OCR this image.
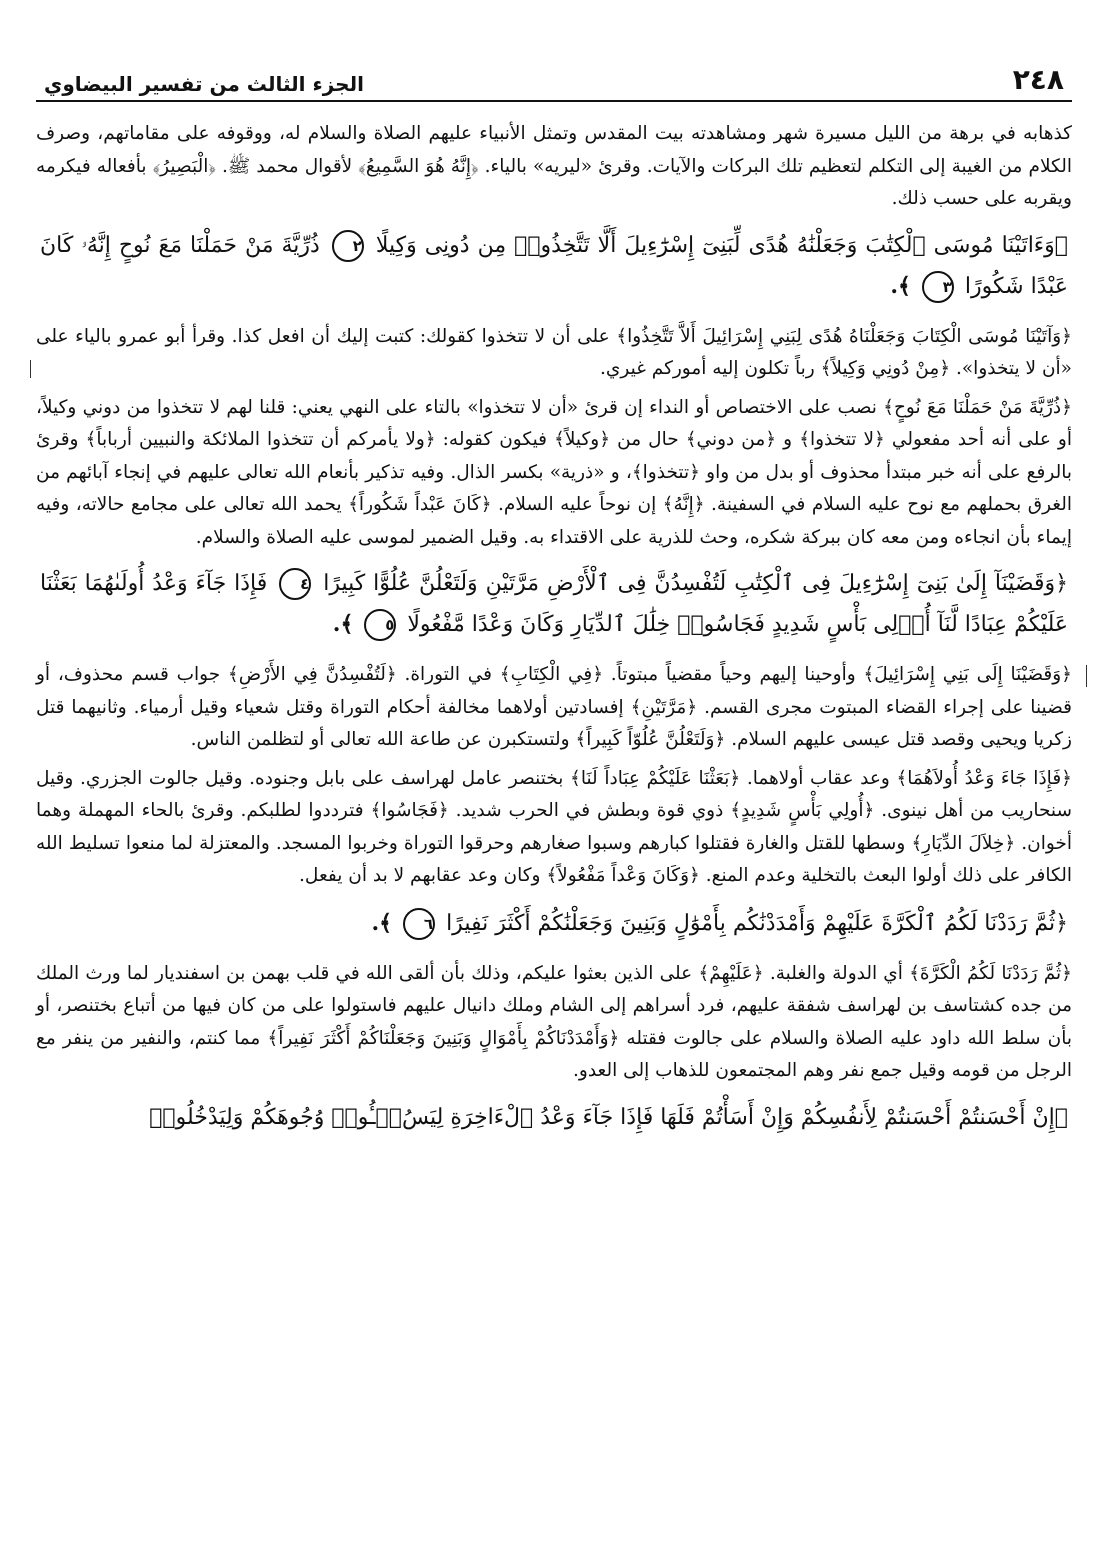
٢٤٨
الجزء الثالث من تفسير البيضاوي

كذهابه في برهة من الليل مسيرة شهر ومشاهدته بيت المقدس وتمثل الأنبياء عليهم الصلاة والسلام له، ووقوفه على مقاماتهم، وصرف الكلام من الغيبة إلى التكلم لتعظيم تلك البركات والآيات. وقرئ «ليريه» بالياء. ﴿إِنَّهُ هُوَ السَّمِيعُ﴾ لأقوال محمد ﷺ. ﴿الْبَصِيرُ﴾ بأفعاله فيكرمه ويقربه على حسب ذلك.

﴿وَءَاتَيْنَا مُوسَى ٱلْكِتَٰبَ وَجَعَلْنَٰهُ هُدًى لِّبَنِىٓ إِسْرَٰٓءِيلَ أَلَّا تَتَّخِذُوا۟ مِن دُونِى وَكِيلًا ٢ ذُرِّيَّةَ مَنْ حَمَلْنَا مَعَ نُوحٍ إِنَّهُۥ كَانَ عَبْدًا شَكُورًا ٣ ﴾.

﴿وَآتَيْنَا مُوسَى الْكِتَابَ وَجَعَلْنَاهُ هُدًى لِبَنِي إِسْرَائِيلَ أَلاَّ تَتَّخِذُوا﴾ على أن لا تتخذوا كقولك: كتبت إليك أن افعل كذا. وقرأ أبو عمرو بالياء على «أن لا يتخذوا». ﴿مِنْ دُونِي وَكِيلاً﴾ رباً تكلون إليه أموركم غيري.

﴿ذُرِّيَّةَ مَنْ حَمَلْنَا مَعَ نُوحٍ﴾ نصب على الاختصاص أو النداء إن قرئ «أن لا تتخذوا» بالتاء على النهي يعني: قلنا لهم لا تتخذوا من دوني وكيلاً، أو على أنه أحد مفعولي ﴿لا تتخذوا﴾ و ﴿من دوني﴾ حال من ﴿وكيلاً﴾ فيكون كقوله: ﴿ولا يأمركم أن تتخذوا الملائكة والنبيين أرباباً﴾ وقرئ بالرفع على أنه خبر مبتدأ محذوف أو بدل من واو ﴿تتخذوا﴾، و «ذرية» بكسر الذال. وفيه تذكير بأنعام الله تعالى عليهم في إنجاء آبائهم من الغرق بحملهم مع نوح عليه السلام في السفينة. ﴿إِنَّهُ﴾ إن نوحاً عليه السلام. ﴿كَانَ عَبْداً شَكُوراً﴾ يحمد الله تعالى على مجامع حالاته، وفيه إيماء بأن انجاءه ومن معه كان ببركة شكره، وحث للذرية على الاقتداء به. وقيل الضمير لموسى عليه الصلاة والسلام.

﴿وَقَضَيْنَآ إِلَىٰ بَنِىٓ إِسْرَٰٓءِيلَ فِى ٱلْكِتَٰبِ لَتُفْسِدُنَّ فِى ٱلْأَرْضِ مَرَّتَيْنِ وَلَتَعْلُنَّ عُلُوًّا كَبِيرًا ٤ فَإِذَا جَآءَ وَعْدُ أُولَىٰهُمَا بَعَثْنَا عَلَيْكُمْ عِبَادًا لَّنَآ أُو۟لِى بَأْسٍ شَدِيدٍ فَجَاسُوا۟ خِلَٰلَ ٱلدِّيَارِ وَكَانَ وَعْدًا مَّفْعُولًا ٥ ﴾.

﴿وَقَضَيْنَا إِلَى بَنِي إِسْرَائِيلَ﴾ وأوحينا إليهم وحياً مقضياً مبتوتاً. ﴿فِي الْكِتَابِ﴾ في التوراة. ﴿لَتُفْسِدُنَّ فِي الأَرْضِ﴾ جواب قسم محذوف، أو قضينا على إجراء القضاء المبتوت مجرى القسم. ﴿مَرَّتَيْنِ﴾ إفسادتين أولاهما مخالفة أحكام التوراة وقتل شعياء وقيل أرمياء. وثانيهما قتل زكريا ويحيى وقصد قتل عيسى عليهم السلام. ﴿وَلَتَعْلُنَّ عُلُوّاً كَبِيراً﴾ ولتستكبرن عن طاعة الله تعالى أو لتظلمن الناس.

﴿فَإِذَا جَاءَ وَعْدُ أُولاَهُمَا﴾ وعد عقاب أولاهما. ﴿بَعَثْنَا عَلَيْكُمْ عِبَاداً لَنَا﴾ بختنصر عامل لهراسف على بابل وجنوده. وقيل جالوت الجزري. وقيل سنحاريب من أهل نينوى. ﴿أُولِي بَأْسٍ شَدِيدٍ﴾ ذوي قوة وبطش في الحرب شديد. ﴿فَجَاسُوا﴾ فترددوا لطلبكم. وقرئ بالحاء المهملة وهما أخوان. ﴿خِلاَلَ الدِّيَارِ﴾ وسطها للقتل والغارة فقتلوا كبارهم وسبوا صغارهم وحرقوا التوراة وخربوا المسجد. والمعتزلة لما منعوا تسليط الله الكافر على ذلك أولوا البعث بالتخلية وعدم المنع. ﴿وَكَانَ وَعْداً مَفْعُولاً﴾ وكان وعد عقابهم لا بد أن يفعل.

﴿ثُمَّ رَدَدْنَا لَكُمُ ٱلْكَرَّةَ عَلَيْهِمْ وَأَمْدَدْنَٰكُم بِأَمْوَٰلٍ وَبَنِينَ وَجَعَلْنَٰكُمْ أَكْثَرَ نَفِيرًا ٦ ﴾.

﴿ثُمَّ رَدَدْنَا لَكُمُ الْكَرَّةَ﴾ أي الدولة والغلبة. ﴿عَلَيْهِمْ﴾ على الذين بعثوا عليكم، وذلك بأن ألقى الله في قلب بهمن بن اسفنديار لما ورث الملك من جده كشتاسف بن لهراسف شفقة عليهم، فرد أسراهم إلى الشام وملك دانيال عليهم فاستولوا على من كان فيها من أتباع بختنصر، أو بأن سلط الله داود عليه الصلاة والسلام على جالوت فقتله ﴿وَأَمْدَدْنَاكُمْ بِأَمْوَالٍ وَبَنِينَ وَجَعَلْنَاكُمْ أَكْثَرَ نَفِيراً﴾ مما كنتم، والنفير من ينفر مع الرجل من قومه وقيل جمع نفر وهم المجتمعون للذهاب إلى العدو.

﴿إِنْ أَحْسَنتُمْ أَحْسَنتُمْ لِأَنفُسِكُمْ وَإِنْ أَسَأْتُمْ فَلَهَا فَإِذَا جَآءَ وَعْدُ ٱلْءَاخِرَةِ لِيَسُۥٓـُٔوا۟ وُجُوهَكُمْ وَلِيَدْخُلُوا۟
